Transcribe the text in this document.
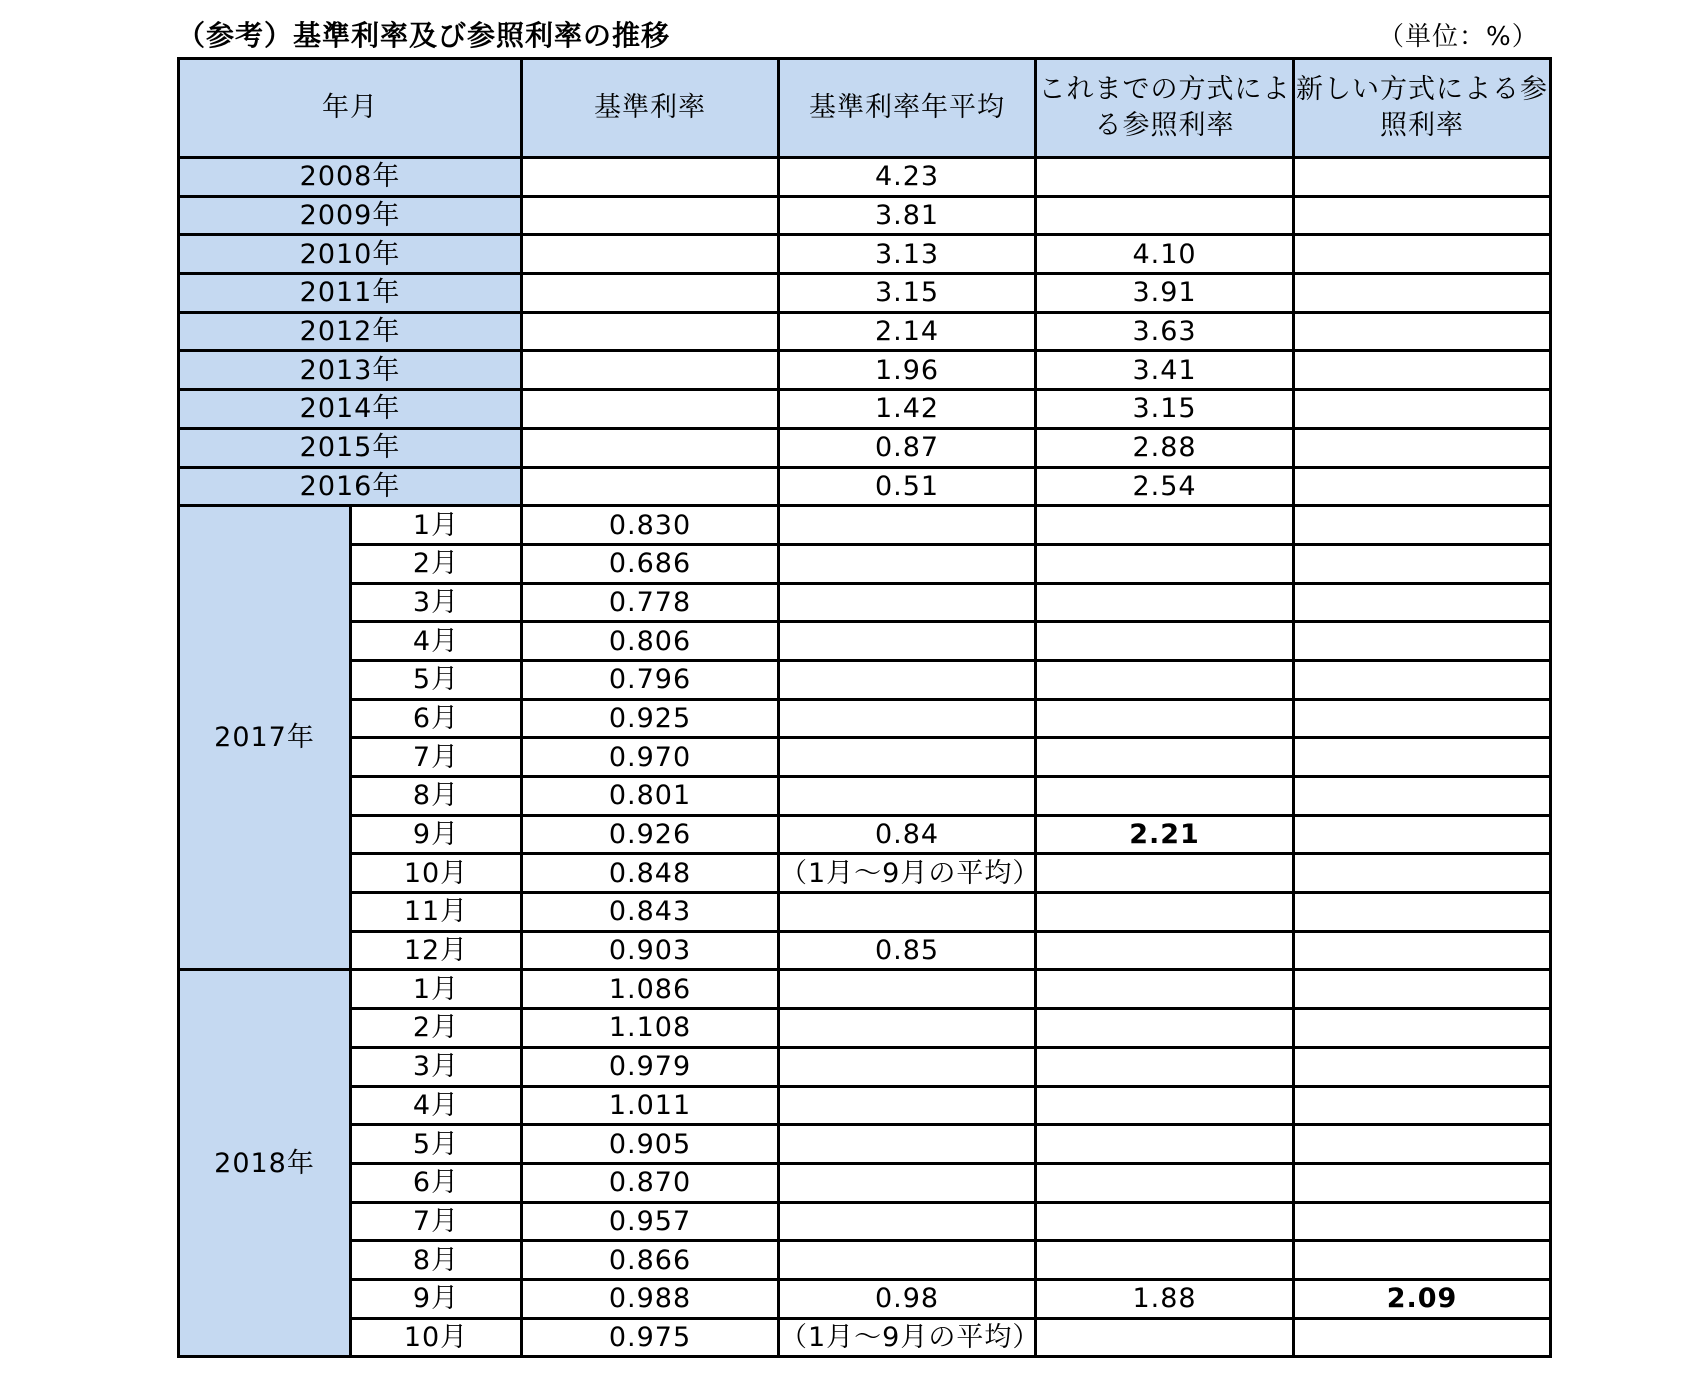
（参考）基準利率及び参照利率の推移	（単位：%）
年月		基準利率	基準利率年平均	これまでの方式による参照利率	新しい方式による参照利率
2008年			4.23		
2009年			3.81		
2010年			3.13	4.10	
2011年			3.15	3.91	
2012年			2.14	3.63	
2013年			1.96	3.41	
2014年			1.42	3.15	
2015年			0.87	2.88	
2016年			0.51	2.54	
2017年	1月	0.830			
	2月	0.686			
	3月	0.778			
	4月	0.806			
	5月	0.796			
	6月	0.925			
	7月	0.970			
	8月	0.801			
	9月	0.926	0.84	2.21	
	10月	0.848	（1月～9月の平均）		
	11月	0.843			
	12月	0.903	0.85		
2018年	1月	1.086			
	2月	1.108			
	3月	0.979			
	4月	1.011			
	5月	0.905			
	6月	0.870			
	7月	0.957			
	8月	0.866			
	9月	0.988	0.98	1.88	2.09
	10月	0.975	（1月～9月の平均）		
